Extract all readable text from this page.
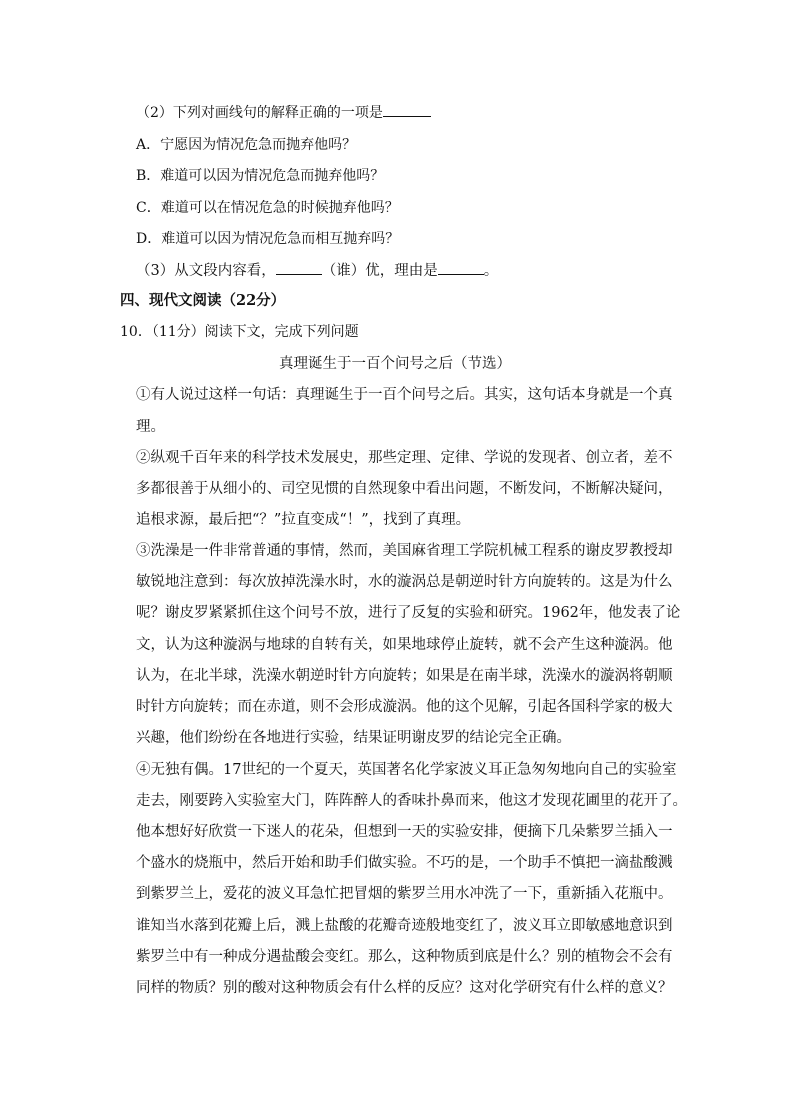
（2）下列对画线句的解释正确的一项是
A．宁愿因为情况危急而抛弃他吗？
B．难道可以因为情况危急而抛弃他吗？
C．难道可以在情况危急的时候抛弃他吗？
D．难道可以因为情况危急而相互抛弃吗？
（3）从文段内容看，	（谁）优，理由是	。
四、现代文阅读（22分）
10．（11分）阅读下文，完成下列问题
真理诞生于一百个问号之后（节选）
①有人说过这样一句话：真理诞生于一百个问号之后。其实，这句话本身就是一个真
理。
②纵观千百年来的科学技术发展史，那些定理、定律、学说的发现者、创立者，差不
多都很善于从细小的、司空见惯的自然现象中看出问题，不断发问，不断解决疑问，
追根求源，最后把“？”拉直变成“！”，找到了真理。
③洗澡是一件非常普通的事情，然而，美国麻省理工学院机械工程系的谢皮罗教授却
敏锐地注意到：每次放掉洗澡水时，水的漩涡总是朝逆时针方向旋转的。这是为什么
呢？谢皮罗紧紧抓住这个问号不放，进行了反复的实验和研究。1962年，他发表了论
文，认为这种漩涡与地球的自转有关，如果地球停止旋转，就不会产生这种漩涡。他
认为，在北半球，洗澡水朝逆时针方向旋转；如果是在南半球，洗澡水的漩涡将朝顺
时针方向旋转；而在赤道，则不会形成漩涡。他的这个见解，引起各国科学家的极大
兴趣，他们纷纷在各地进行实验，结果证明谢皮罗的结论完全正确。
④无独有偶。17世纪的一个夏天，英国著名化学家波义耳正急匆匆地向自己的实验室
走去，刚要跨入实验室大门，阵阵醉人的香味扑鼻而来，他这才发现花圃里的花开了。
他本想好好欣赏一下迷人的花朵，但想到一天的实验安排，便摘下几朵紫罗兰插入一
个盛水的烧瓶中，然后开始和助手们做实验。不巧的是，一个助手不慎把一滴盐酸溅
到紫罗兰上，爱花的波义耳急忙把冒烟的紫罗兰用水冲洗了一下，重新插入花瓶中。
谁知当水落到花瓣上后，溅上盐酸的花瓣奇迹般地变红了，波义耳立即敏感地意识到
紫罗兰中有一种成分遇盐酸会变红。那么，这种物质到底是什么？别的植物会不会有
同样的物质？别的酸对这种物质会有什么样的反应？这对化学研究有什么样的意义？
